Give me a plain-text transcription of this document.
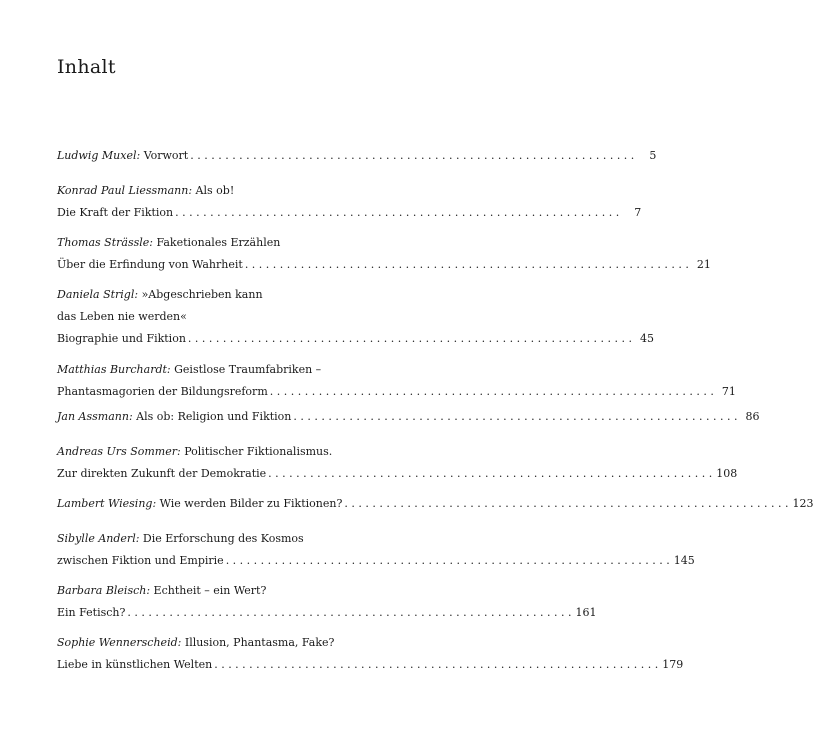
Inhalt
Ludwig Muxel: Vorwort . . .	5
Konrad Paul Liessmann: Als ob!
Die Kraft der Fiktion . . .	7
Thomas Strässle: Faketionales Erzählen
Über die Erfindung von Wahrheit . . .	21
Daniela Strigl: »Abgeschrieben kann
das Leben nie werden«
Biographie und Fiktion . . .	45
Matthias Burchardt: Geistlose Traumfabriken –
Phantasmagorien der Bildungsreform . . .	71
Jan Assmann: Als ob: Religion und Fiktion . . .	86
Andreas Urs Sommer: Politischer Fiktionalismus.
Zur direkten Zukunft der Demokratie . . .	108
Lambert Wiesing: Wie werden Bilder zu Fiktionen? . . .	123
Sibylle Anderl: Die Erforschung des Kosmos
zwischen Fiktion und Empirie . . .	145
Barbara Bleisch: Echtheit – ein Wert?
Ein Fetisch? . . .	161
Sophie Wennerscheid: Illusion, Phantasma, Fake?
Liebe in künstlichen Welten . . .	179
